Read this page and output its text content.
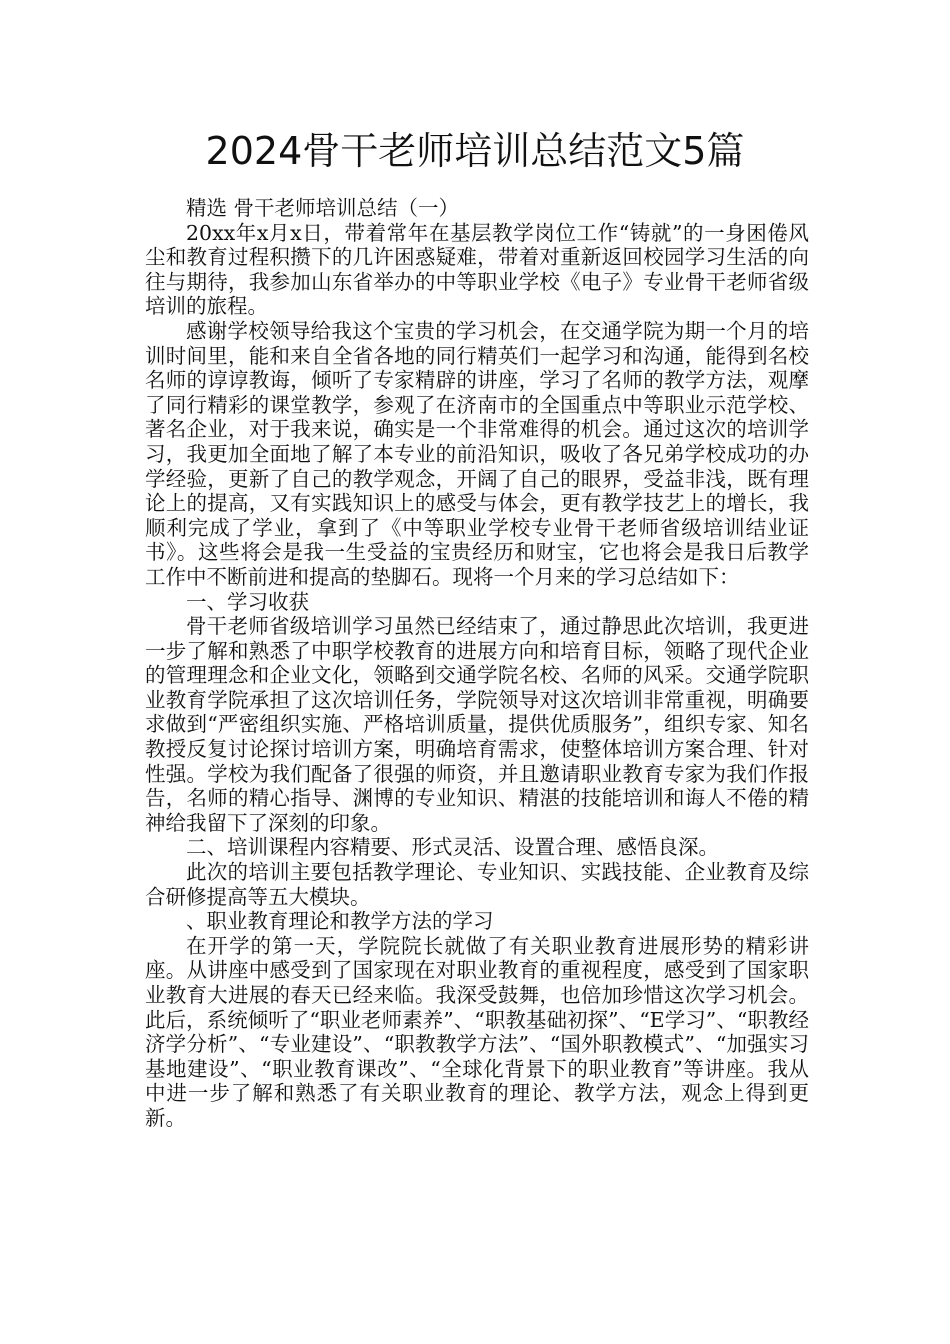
2024骨干老师培训总结范文5篇

精选 骨干老师培训总结（一）

20xx年x月x日，带着常年在基层教学岗位工作“铸就”的一身困倦风尘和教育过程积攒下的几许困惑疑难，带着对重新返回校园学习生活的向往与期待，我参加山东省举办的中等职业学校《电子》专业骨干老师省级培训的旅程。

感谢学校领导给我这个宝贵的学习机会，在交通学院为期一个月的培训时间里，能和来自全省各地的同行精英们一起学习和沟通，能得到名校名师的谆谆教诲，倾听了专家精辟的讲座，学习了名师的教学方法，观摩了同行精彩的课堂教学，参观了在济南市的全国重点中等职业示范学校、著名企业，对于我来说，确实是一个非常难得的机会。通过这次的培训学习，我更加全面地了解了本专业的前沿知识，吸收了各兄弟学校成功的办学经验，更新了自己的教学观念，开阔了自己的眼界，受益非浅，既有理论上的提高，又有实践知识上的感受与体会，更有教学技艺上的增长，我顺利完成了学业，拿到了《中等职业学校专业骨干老师省级培训结业证书》。这些将会是我一生受益的宝贵经历和财宝，它也将会是我日后教学工作中不断前进和提高的垫脚石。现将一个月来的学习总结如下：

一、学习收获

骨干老师省级培训学习虽然已经结束了，通过静思此次培训，我更进一步了解和熟悉了中职学校教育的进展方向和培育目标，领略了现代企业的管理理念和企业文化，领略到交通学院名校、名师的风采。交通学院职业教育学院承担了这次培训任务，学院领导对这次培训非常重视，明确要求做到“严密组织实施、严格培训质量，提供优质服务”，组织专家、知名教授反复讨论探讨培训方案，明确培育需求，使整体培训方案合理、针对性强。学校为我们配备了很强的师资，并且邀请职业教育专家为我们作报告，名师的精心指导、渊博的专业知识、精湛的技能培训和诲人不倦的精神给我留下了深刻的印象。

二、培训课程内容精要、形式灵活、设置合理、感悟良深。

此次的培训主要包括教学理论、专业知识、实践技能、企业教育及综合研修提高等五大模块。

、职业教育理论和教学方法的学习

在开学的第一天，学院院长就做了有关职业教育进展形势的精彩讲座。从讲座中感受到了国家现在对职业教育的重视程度，感受到了国家职业教育大进展的春天已经来临。我深受鼓舞，也倍加珍惜这次学习机会。此后，系统倾听了“职业老师素养”、“职教基础初探”、“E学习”、“职教经济学分析”、“专业建设”、“职教教学方法”、“国外职教模式”、“加强实习基地建设”、“职业教育课改”、“全球化背景下的职业教育”等讲座。我从中进一步了解和熟悉了有关职业教育的理论、教学方法，观念上得到更新。
